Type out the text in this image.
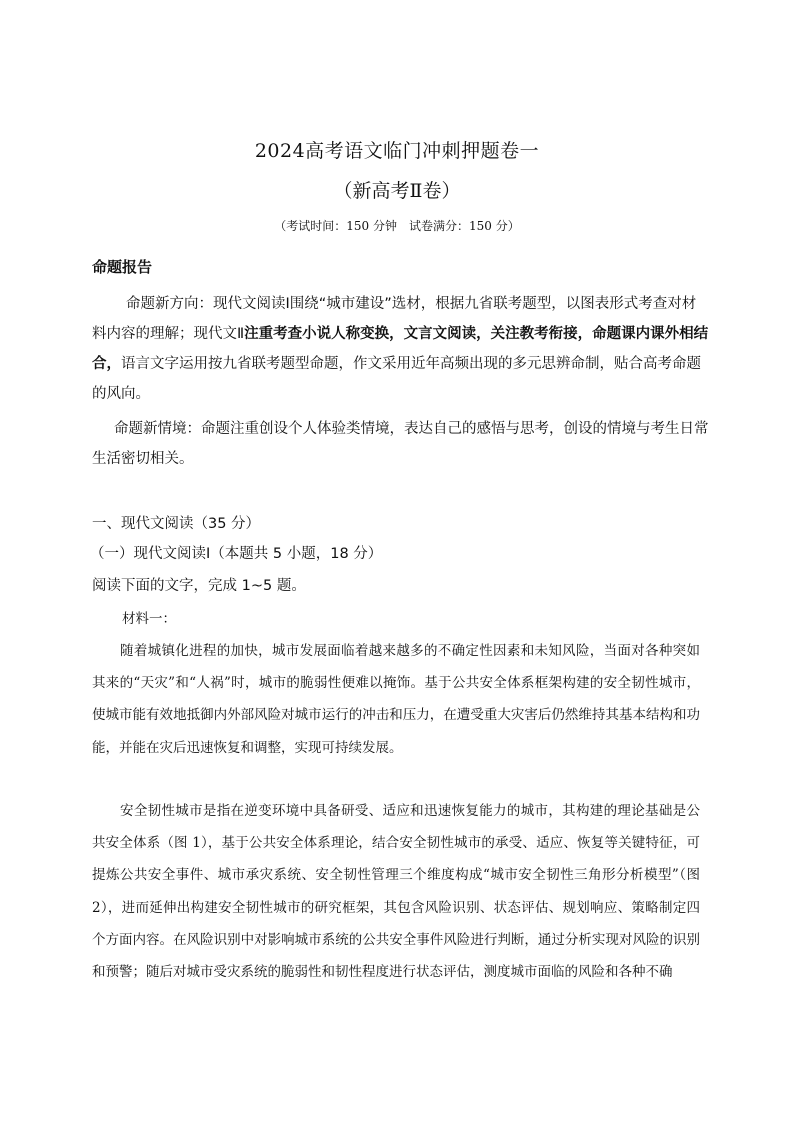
2024高考语文临门冲刺押题卷一
（新高考Ⅱ卷）
（考试时间：150 分钟　试卷满分：150 分）
命题报告
命题新方向：现代文阅读Ⅰ围绕“城市建设”选材，根据九省联考题型，以图表形式考查对材料内容的理解；现代文Ⅱ注重考查小说人称变换，文言文阅读，关注教考衔接，命题课内课外相结合，语言文字运用按九省联考题型命题，作文采用近年高频出现的多元思辨命制，贴合高考命题的风向。
命题新情境：命题注重创设个人体验类情境，表达自己的感悟与思考，创设的情境与考生日常生活密切相关。
一、现代文阅读（35 分）
（一）现代文阅读Ⅰ（本题共 5 小题，18 分）
阅读下面的文字，完成 1~5 题。
材料一：
随着城镇化进程的加快，城市发展面临着越来越多的不确定性因素和未知风险，当面对各种突如其来的“天灾”和“人祸”时，城市的脆弱性便难以掩饰。基于公共安全体系框架构建的安全韧性城市，使城市能有效地抵御内外部风险对城市运行的冲击和压力，在遭受重大灾害后仍然维持其基本结构和功能，并能在灾后迅速恢复和调整，实现可持续发展。
安全韧性城市是指在逆变环境中具备研受、适应和迅速恢复能力的城市，其构建的理论基础是公共安全体系（图 1），基于公共安全体系理论，结合安全韧性城市的承受、适应、恢复等关键特征，可提炼公共安全事件、城市承灾系统、安全韧性管理三个维度构成“城市安全韧性三角形分析模型”（图 2），进而延伸出构建安全韧性城市的研究框架，其包含风险识别、状态评估、规划响应、策略制定四个方面内容。在风险识别中对影响城市系统的公共安全事件风险进行判断，通过分析实现对风险的识别和预警；随后对城市受灾系统的脆弱性和韧性程度进行状态评估，测度城市面临的风险和各种不确
